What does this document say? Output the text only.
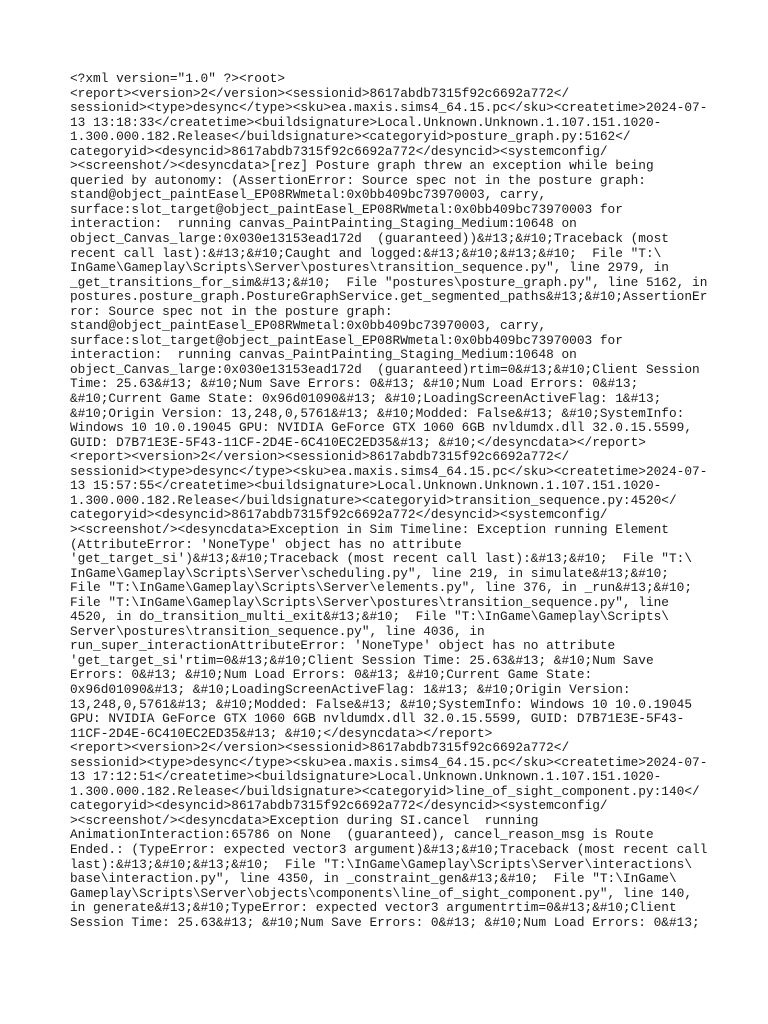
<?xml version="1.0" ?><root>
<report><version>2</version><sessionid>8617abdb7315f92c6692a772</
sessionid><type>desync</type><sku>ea.maxis.sims4_64.15.pc</sku><createtime>2024-07-
13 13:18:33</createtime><buildsignature>Local.Unknown.Unknown.1.107.151.1020-
1.300.000.182.Release</buildsignature><categoryid>posture_graph.py:5162</
categoryid><desyncid>8617abdb7315f92c6692a772</desyncid><systemconfig/
><screenshot/><desyncdata>[rez] Posture graph threw an exception while being
queried by autonomy: (AssertionError: Source spec not in the posture graph:
stand@object_paintEasel_EP08RWmetal:0x0bb409bc73970003, carry,
surface:slot_target@object_paintEasel_EP08RWmetal:0x0bb409bc73970003 for
interaction:  running canvas_PaintPainting_Staging_Medium:10648 on
object_Canvas_large:0x030e13153ead172d  (guaranteed))&#13;&#10;Traceback (most
recent call last):&#13;&#10;Caught and logged:&#13;&#10;&#13;&#10;  File "T:\
InGame\Gameplay\Scripts\Server\postures\transition_sequence.py", line 2979, in
_get_transitions_for_sim&#13;&#10;  File "postures\posture_graph.py", line 5162, in
postures.posture_graph.PostureGraphService.get_segmented_paths&#13;&#10;AssertionEr
ror: Source spec not in the posture graph:
stand@object_paintEasel_EP08RWmetal:0x0bb409bc73970003, carry,
surface:slot_target@object_paintEasel_EP08RWmetal:0x0bb409bc73970003 for
interaction:  running canvas_PaintPainting_Staging_Medium:10648 on
object_Canvas_large:0x030e13153ead172d  (guaranteed)rtim=0&#13;&#10;Client Session
Time: 25.63&#13; &#10;Num Save Errors: 0&#13; &#10;Num Load Errors: 0&#13;
&#10;Current Game State: 0x96d01090&#13; &#10;LoadingScreenActiveFlag: 1&#13;
&#10;Origin Version: 13,248,0,5761&#13; &#10;Modded: False&#13; &#10;SystemInfo:
Windows 10 10.0.19045 GPU: NVIDIA GeForce GTX 1060 6GB nvldumdx.dll 32.0.15.5599,
GUID: D7B71E3E-5F43-11CF-2D4E-6C410EC2ED35&#13; &#10;</desyncdata></report>
<report><version>2</version><sessionid>8617abdb7315f92c6692a772</
sessionid><type>desync</type><sku>ea.maxis.sims4_64.15.pc</sku><createtime>2024-07-
13 15:57:55</createtime><buildsignature>Local.Unknown.Unknown.1.107.151.1020-
1.300.000.182.Release</buildsignature><categoryid>transition_sequence.py:4520</
categoryid><desyncid>8617abdb7315f92c6692a772</desyncid><systemconfig/
><screenshot/><desyncdata>Exception in Sim Timeline: Exception running Element
(AttributeError: 'NoneType' object has no attribute
'get_target_si')&#13;&#10;Traceback (most recent call last):&#13;&#10;  File "T:\
InGame\Gameplay\Scripts\Server\scheduling.py", line 219, in simulate&#13;&#10;
File "T:\InGame\Gameplay\Scripts\Server\elements.py", line 376, in _run&#13;&#10;
File "T:\InGame\Gameplay\Scripts\Server\postures\transition_sequence.py", line
4520, in do_transition_multi_exit&#13;&#10;  File "T:\InGame\Gameplay\Scripts\
Server\postures\transition_sequence.py", line 4036, in
run_super_interactionAttributeError: 'NoneType' object has no attribute
'get_target_si'rtim=0&#13;&#10;Client Session Time: 25.63&#13; &#10;Num Save
Errors: 0&#13; &#10;Num Load Errors: 0&#13; &#10;Current Game State:
0x96d01090&#13; &#10;LoadingScreenActiveFlag: 1&#13; &#10;Origin Version:
13,248,0,5761&#13; &#10;Modded: False&#13; &#10;SystemInfo: Windows 10 10.0.19045
GPU: NVIDIA GeForce GTX 1060 6GB nvldumdx.dll 32.0.15.5599, GUID: D7B71E3E-5F43-
11CF-2D4E-6C410EC2ED35&#13; &#10;</desyncdata></report>
<report><version>2</version><sessionid>8617abdb7315f92c6692a772</
sessionid><type>desync</type><sku>ea.maxis.sims4_64.15.pc</sku><createtime>2024-07-
13 17:12:51</createtime><buildsignature>Local.Unknown.Unknown.1.107.151.1020-
1.300.000.182.Release</buildsignature><categoryid>line_of_sight_component.py:140</
categoryid><desyncid>8617abdb7315f92c6692a772</desyncid><systemconfig/
><screenshot/><desyncdata>Exception during SI.cancel  running
AnimationInteraction:65786 on None  (guaranteed), cancel_reason_msg is Route
Ended.: (TypeError: expected vector3 argument)&#13;&#10;Traceback (most recent call
last):&#13;&#10;&#13;&#10;  File "T:\InGame\Gameplay\Scripts\Server\interactions\
base\interaction.py", line 4350, in _constraint_gen&#13;&#10;  File "T:\InGame\
Gameplay\Scripts\Server\objects\components\line_of_sight_component.py", line 140,
in generate&#13;&#10;TypeError: expected vector3 argumentrtim=0&#13;&#10;Client
Session Time: 25.63&#13; &#10;Num Save Errors: 0&#13; &#10;Num Load Errors: 0&#13;
